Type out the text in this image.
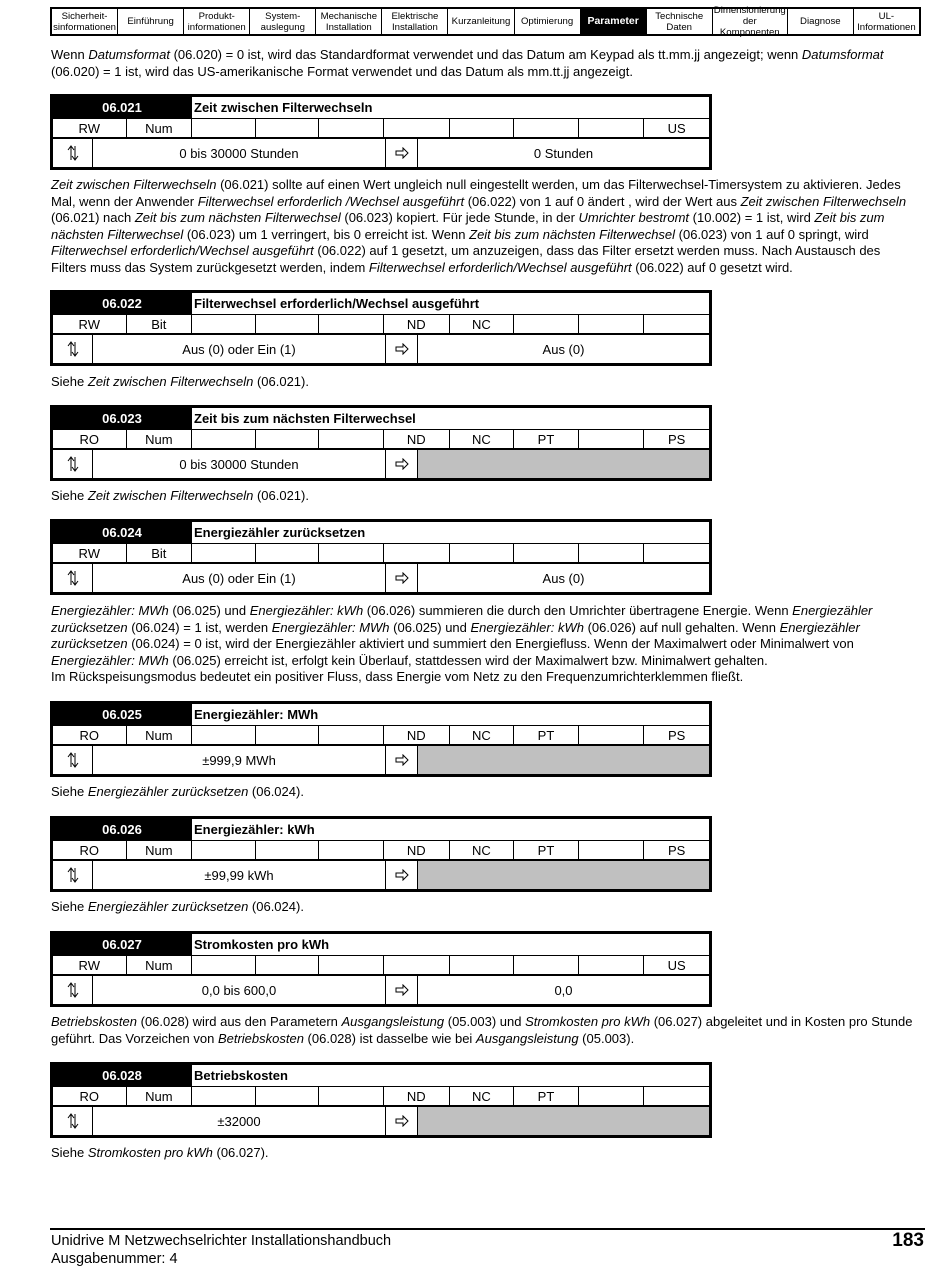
Sicherheit-
sinformationen	Einführung	Produkt-
informationen
System-
auslegung
Mechanische
Installation
Elektrische
Installation	Kurzanleitung	Optimierung	Parameter	Technische
Daten
Dimensionierung
der Komponenten
Diagnose	UL-
Informationen
Wenn Datumsformat (06.020) = 0 ist, wird das Standardformat verwendet und das Datum am Keypad als tt.mm.jj angezeigt; wenn Datumsformat (06.020) = 1 ist, wird das US-amerikanische Format verwendet und das Datum als mm.tt.jj angezeigt.
06.021	Zeit zwischen Filterwechseln
RW	Num	US
0 bis 30000 Stunden	0 Stunden
06.022	Filterwechsel erforderlich/Wechsel ausgeführt
RW	Bit	ND	NC
Aus (0) oder Ein (1)	Aus (0)
06.023	Zeit bis zum nächsten Filterwechsel
RO	Num	ND	NC	PT	PS
0 bis 30000 Stunden
06.024	Energiezähler zurücksetzen
RW	Bit
Aus (0) oder Ein (1)	Aus (0)
06.025	Energiezähler: MWh
RO	Num	ND	NC	PT	PS
±999,9 MWh
06.026	Energiezähler: kWh
RO	Num	ND	NC	PT	PS
±99,99 kWh
06.027	Stromkosten pro kWh
RW	Num	US
0,0 bis 600,0	0,0
06.028	Betriebskosten
RO	Num	ND	NC	PT
±32000
Zeit zwischen Filterwechseln (06.021) sollte auf einen Wert ungleich null eingestellt werden, um das Filterwechsel-Timersystem zu aktivieren. Jedes Mal, wenn der Anwender Filterwechsel erforderlich /Wechsel ausgeführt (06.022) von 1 auf 0 ändert , wird der Wert aus Zeit zwischen Filterwechseln (06.021) nach Zeit bis zum nächsten Filterwechsel (06.023) kopiert. Für jede Stunde, in der Umrichter bestromt (10.002) = 1 ist, wird Zeit bis zum nächsten Filterwechsel (06.023) um 1 verringert, bis 0 erreicht ist. Wenn Zeit bis zum nächsten Filterwechsel (06.023) von 1 auf 0 springt, wird Filterwechsel erforderlich/Wechsel ausgeführt (06.022) auf 1 gesetzt, um anzuzeigen, dass das Filter ersetzt werden muss. Nach Austausch des Filters muss das System zurückgesetzt werden, indem Filterwechsel erforderlich/Wechsel ausgeführt (06.022) auf 0 gesetzt wird.
Siehe Zeit zwischen Filterwechseln (06.021).
Siehe Zeit zwischen Filterwechseln (06.021).
Energiezähler: MWh (06.025) und Energiezähler: kWh (06.026) summieren die durch den Umrichter übertragene Energie. Wenn Energiezähler zurücksetzen (06.024) = 1 ist, werden Energiezähler: MWh (06.025) und Energiezähler: kWh (06.026) auf null gehalten. Wenn Energiezähler zurücksetzen (06.024) = 0 ist, wird der Energiezähler aktiviert und summiert den Energiefluss. Wenn der Maximalwert oder Minimalwert von Energiezähler: MWh (06.025) erreicht ist, erfolgt kein Überlauf, stattdessen wird der Maximalwert bzw. Minimalwert gehalten.
Im Rückspeisungsmodus bedeutet ein positiver Fluss, dass Energie vom Netz zu den Frequenzumrichterklemmen fließt.
Siehe Energiezähler zurücksetzen (06.024).
Siehe Energiezähler zurücksetzen (06.024).
Betriebskosten (06.028) wird aus den Parametern Ausgangsleistung (05.003) und Stromkosten pro kWh (06.027) abgeleitet und in Kosten pro Stunde geführt. Das Vorzeichen von Betriebskosten (06.028) ist dasselbe wie bei Ausgangsleistung (05.003).
Siehe Stromkosten pro kWh (06.027).
Unidrive M Netzwechselrichter Installationshandbuch
Ausgabenummer: 4
183
